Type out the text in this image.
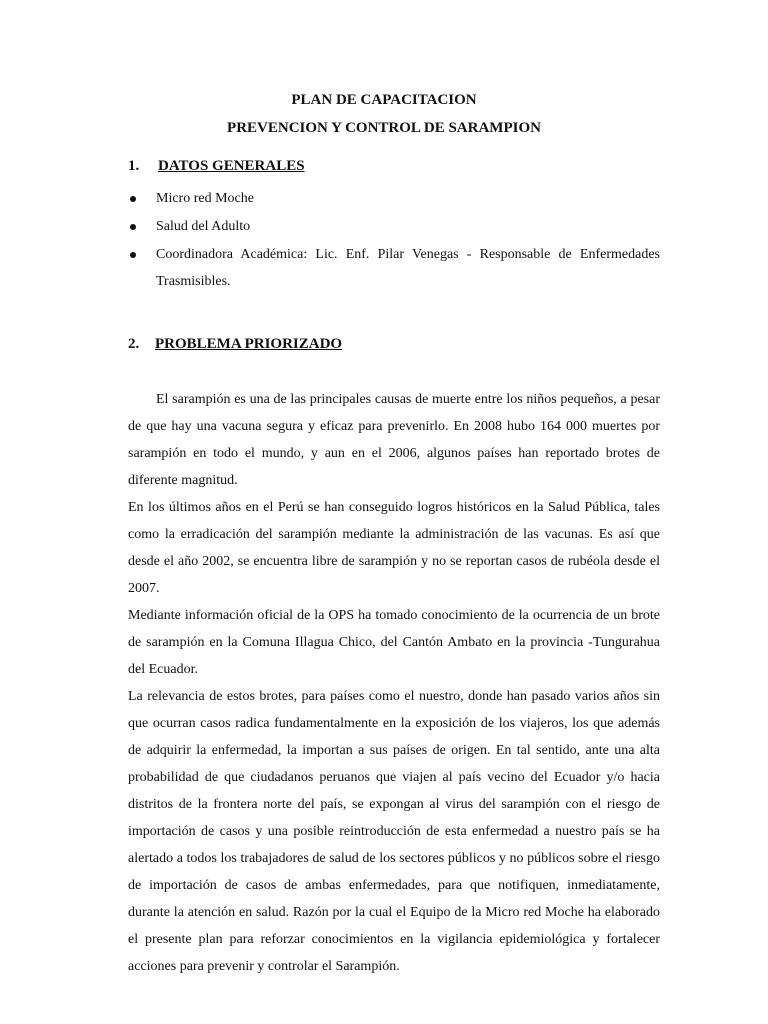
PLAN DE CAPACITACION
PREVENCION Y CONTROL DE SARAMPION
1. DATOS GENERALES
Micro red Moche
Salud del Adulto
Coordinadora Académica: Lic. Enf. Pilar Venegas - Responsable de Enfermedades Trasmisibles.
2. PROBLEMA PRIORIZADO

El sarampión es una de las principales causas de muerte entre los niños pequeños, a pesar de que hay una vacuna segura y eficaz para prevenirlo. En 2008 hubo 164 000 muertes por sarampión en todo el mundo, y aun en el 2006, algunos países han reportado brotes de diferente magnitud.

En los últimos años en el Perú se han conseguido logros históricos en la Salud Pública, tales como la erradicación del sarampión mediante la administración de las vacunas. Es así que desde el año 2002, se encuentra libre de sarampión y no se reportan casos de rubéola desde el 2007.

Mediante información oficial de la OPS ha tomado conocimiento de la ocurrencia de un brote de sarampión en la Comuna Illagua Chico, del Cantón Ambato en la provincia -Tungurahua del Ecuador.

La relevancia de estos brotes, para países como el nuestro, donde han pasado varios años sin que ocurran casos radica fundamentalmente en la exposición de los viajeros, los que además de adquirir la enfermedad, la importan a sus países de origen. En tal sentido, ante una alta probabilidad de que ciudadanos peruanos que viajen al país vecino del Ecuador y/o hacia distritos de la frontera norte del país, se expongan al virus del sarampión con el riesgo de importación de casos y una posible reintroducción de esta enfermedad a nuestro país se ha alertado a todos los trabajadores de salud de los sectores públicos y no públicos sobre el riesgo de importación de casos de ambas enfermedades, para que notifiquen, inmediatamente, durante la atención en salud. Razón por la cual el Equipo de la Micro red Moche ha elaborado el presente plan para reforzar conocimientos en la vigilancia epidemiológica y fortalecer acciones para prevenir y controlar el Sarampión.
